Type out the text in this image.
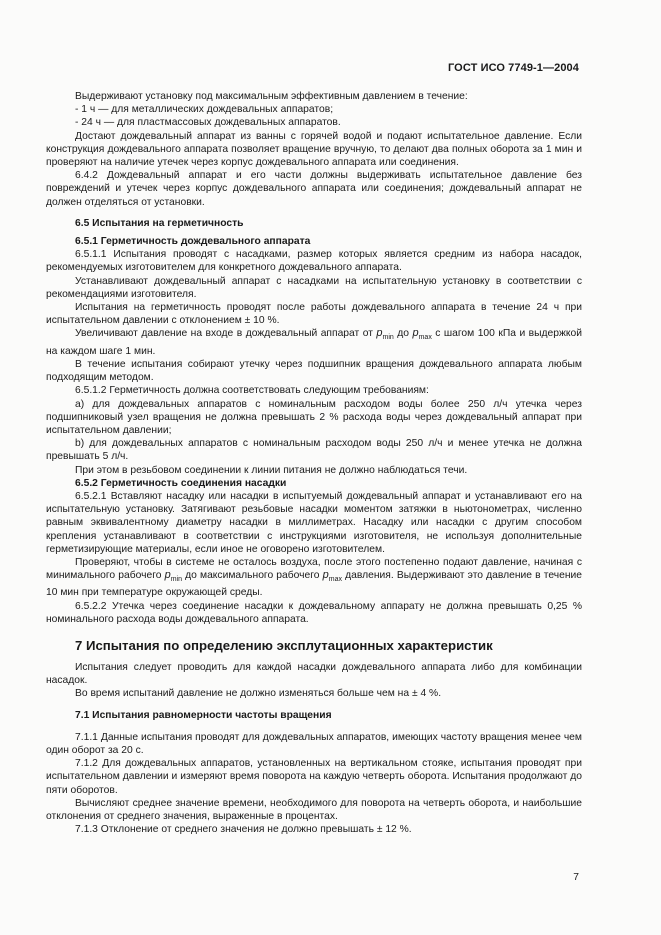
ГОСТ ИСО 7749-1—2004

Выдерживают установку под максимальным эффективным давлением в течение:

- 1 ч — для металлических дождевальных аппаратов;

- 24 ч — для пластмассовых дождевальных аппаратов.

Достают дождевальный аппарат из ванны с горячей водой и подают испытательное давление. Если конструкция дождевального аппарата позволяет вращение вручную, то делают два полных оборота за 1 мин и проверяют на наличие утечек через корпус дождевального аппарата или соединения.

6.4.2 Дождевальный аппарат и его части должны выдерживать испытательное давление без повреждений и утечек через корпус дождевального аппарата или соединения; дождевальный аппарат не должен отделяться от установки.

6.5 Испытания на герметичность
6.5.1 Герметичность дождевального аппарата

6.5.1.1 Испытания проводят с насадками, размер которых является средним из набора насадок, рекомендуемых изготовителем для конкретного дождевального аппарата.

Устанавливают дождевальный аппарат с насадками на испытательную установку в соответствии с рекомендациями изготовителя.

Испытания на герметичность проводят после работы дождевального аппарата в течение 24 ч при испытательном давлении с отклонением ± 10 %.

Увеличивают давление на входе в дождевальный аппарат от $p_{min}$ до $p_{max}$ с шагом 100 кПа и выдержкой на каждом шаге 1 мин.

В течение испытания собирают утечку через подшипник вращения дождевального аппарата любым подходящим методом.

6.5.1.2 Герметичность должна соответствовать следующим требованиям:

a) для дождевальных аппаратов с номинальным расходом воды более 250 л/ч утечка через подшипниковый узел вращения не должна превышать 2 % расхода воды через дождевальный аппарат при испытательном давлении;

b) для дождевальных аппаратов с номинальным расходом воды 250 л/ч и менее утечка не должна превышать 5 л/ч.

При этом в резьбовом соединении к линии питания не должно наблюдаться течи.

6.5.2 Герметичность соединения насадки

6.5.2.1 Вставляют насадку или насадки в испытуемый дождевальный аппарат и устанавливают его на испытательную установку. Затягивают резьбовые насадки моментом затяжки в ньютонометрах, численно равным эквивалентному диаметру насадки в миллиметрах. Насадку или насадки с другим способом крепления устанавливают в соответствии с инструкциями изготовителя, не используя дополнительные герметизирующие материалы, если иное не оговорено изготовителем.

Проверяют, чтобы в системе не осталось воздуха, после этого постепенно подают давление, начиная с минимального рабочего $p_{min}$ до максимального рабочего $p_{max}$ давления. Выдерживают это давление в течение 10 мин при температуре окружающей среды.

6.5.2.2 Утечка через соединение насадки к дождевальному аппарату не должна превышать 0,25 % номинального расхода воды дождевального аппарата.

7 Испытания по определению эксплутационных характеристик

Испытания следует проводить для каждой насадки дождевального аппарата либо для комбинации насадок.

Во время испытаний давление не должно изменяться больше чем на ± 4 %.

7.1 Испытания равномерности частоты вращения

7.1.1 Данные испытания проводят для дождевальных аппаратов, имеющих частоту вращения менее чем один оборот за 20 с.

7.1.2 Для дождевальных аппаратов, установленных на вертикальном стояке, испытания проводят при испытательном давлении и измеряют время поворота на каждую четверть оборота. Испытания продолжают до пяти оборотов.

Вычисляют среднее значение времени, необходимого для поворота на четверть оборота, и наибольшие отклонения от среднего значения, выраженные в процентах.

7.1.3 Отклонение от среднего значения не должно превышать ± 12 %.

7
